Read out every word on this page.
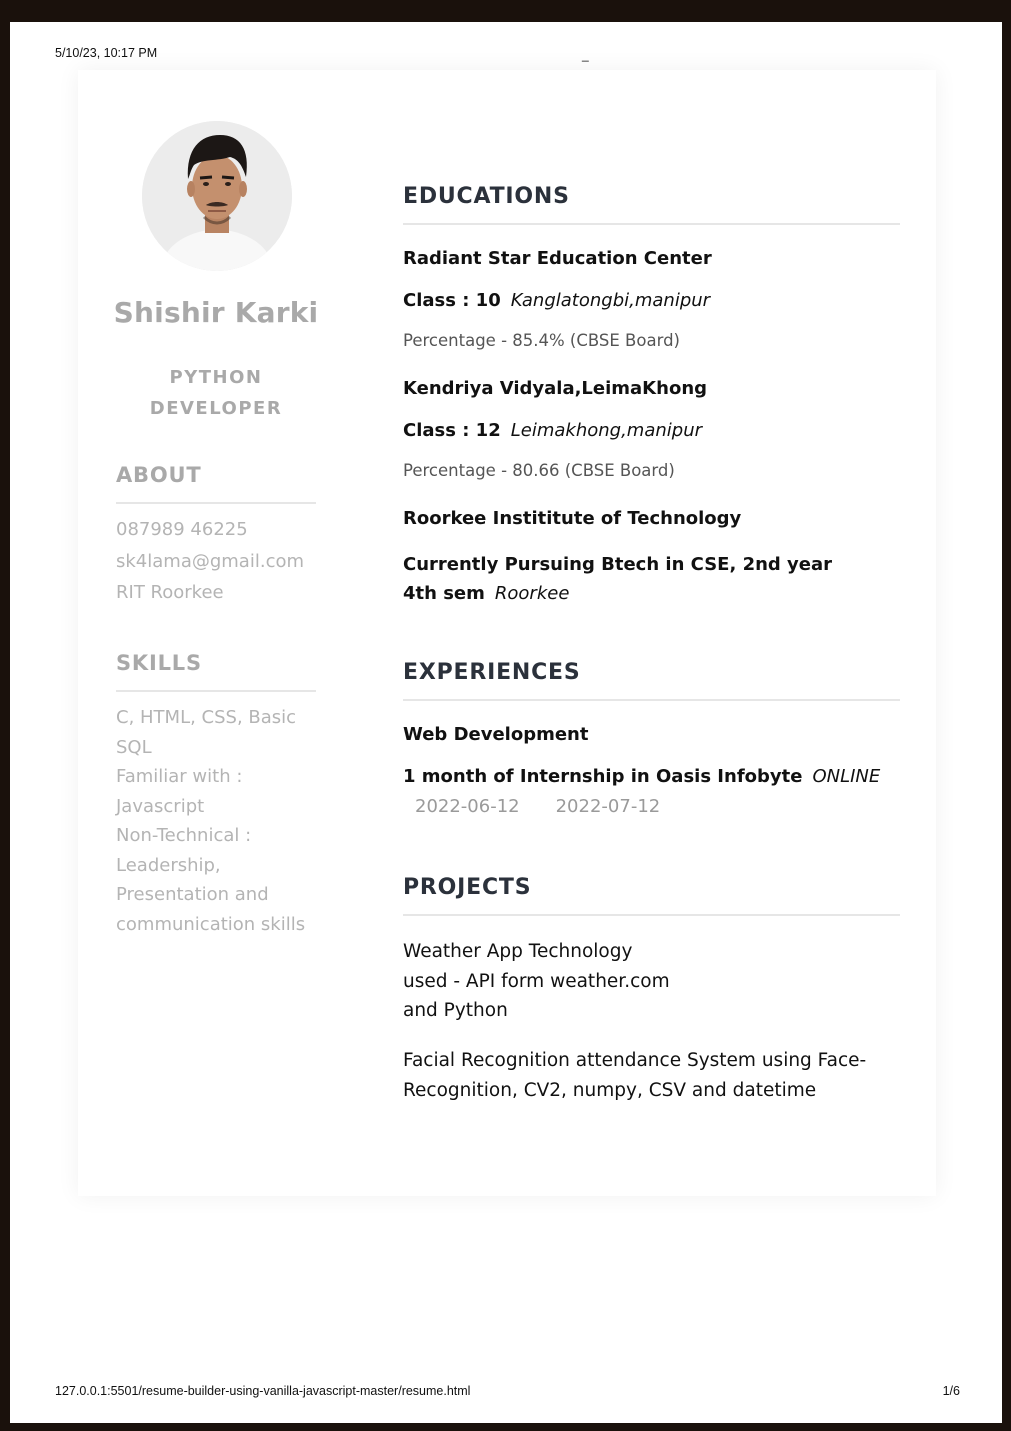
5/10/23, 10:17 PM	_
Shishir Karki
PYTHON
DEVELOPER
ABOUT
087989 46225
sk4lama@gmail.com
RIT Roorkee
SKILLS
C, HTML, CSS, Basic SQL
Familiar with : Javascript
Non-Technical : Leadership, Presentation and communication skills
EDUCATIONS
Radiant Star Education Center
Class : 10 Kanglatongbi,manipur
Percentage - 85.4% (CBSE Board)
Kendriya Vidyala,LeimaKhong
Class : 12 Leimakhong,manipur
Percentage - 80.66 (CBSE Board)
Roorkee Instititute of Technology
Currently Pursuing Btech in CSE, 2nd year 4th sem Roorkee
EXPERIENCES
Web Development
1 month of Internship in Oasis Infobyte ONLINE
2022-06-12 2022-07-12
PROJECTS
Weather App Technology used - API form weather.com and Python
Facial Recognition attendance System using Face- Recognition, CV2, numpy, CSV and datetime
127.0.0.1:5501/resume-builder-using-vanilla-javascript-master/resume.html	1/6
